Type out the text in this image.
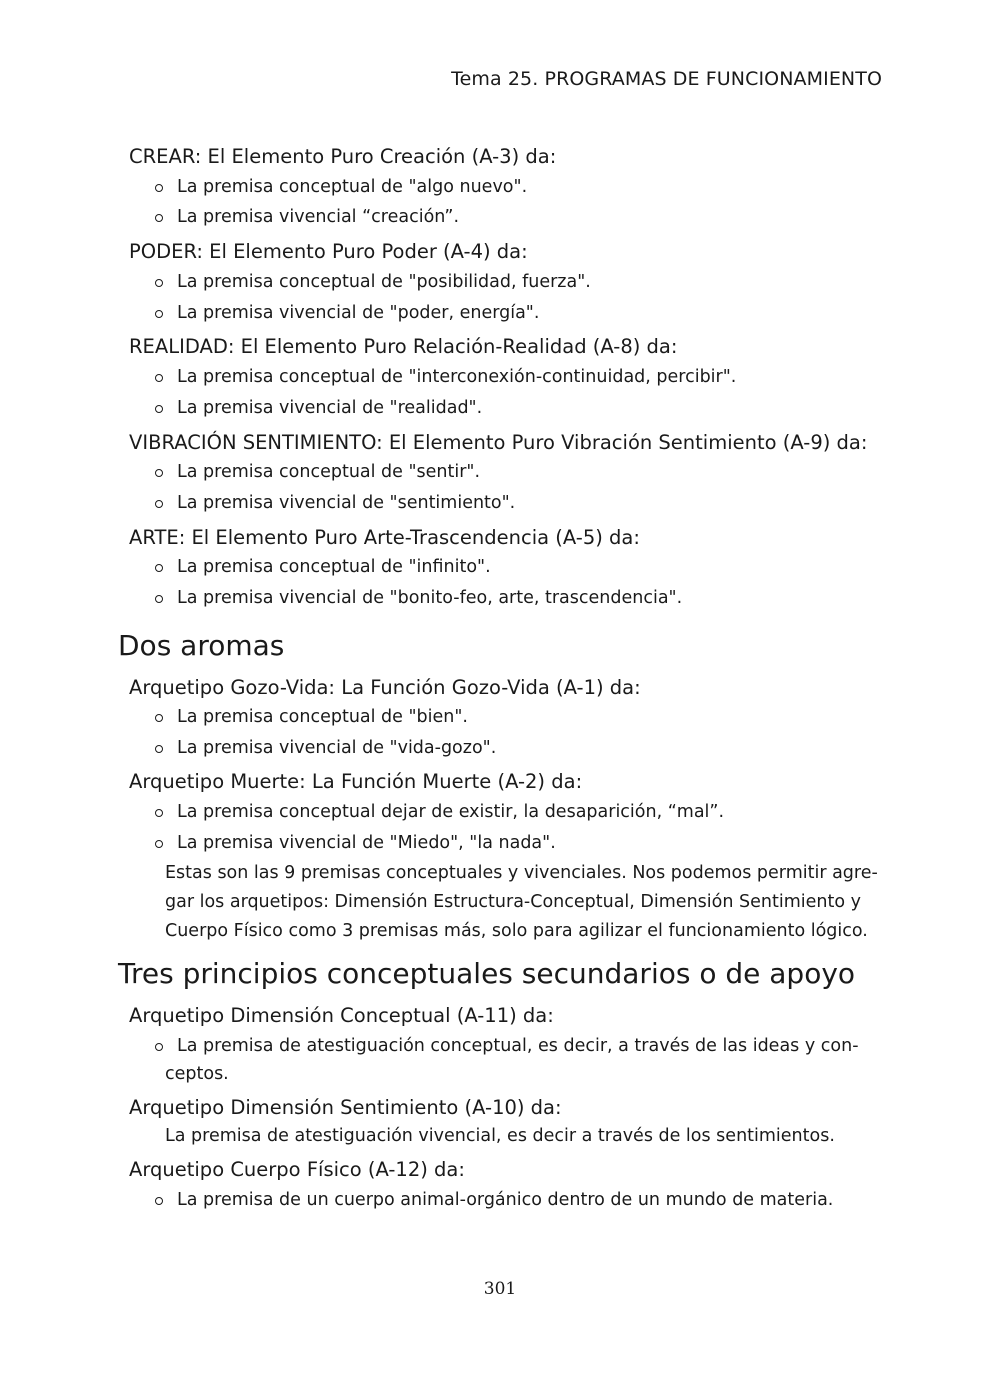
Tema 25. PROGRAMAS DE FUNCIONAMIENTO
CREAR: El Elemento Puro Creación (A-3) da:
La premisa conceptual de "algo nuevo".
La premisa vivencial “creación”.
PODER: El Elemento Puro Poder (A-4) da:
La premisa conceptual de "posibilidad, fuerza".
La premisa vivencial de "poder, energía".
REALIDAD: El Elemento Puro Relación-Realidad (A-8) da:
La premisa conceptual de "interconexión-continuidad, percibir".
La premisa vivencial de "realidad".
VIBRACIÓN SENTIMIENTO: El Elemento Puro Vibración Sentimiento (A-9) da:
La premisa conceptual de "sentir".
La premisa vivencial de "sentimiento".
ARTE: El Elemento Puro Arte-Trascendencia (A-5) da:
La premisa conceptual de "infinito".
La premisa vivencial de "bonito-feo, arte, trascendencia".
Dos aromas
Arquetipo Gozo-Vida: La Función Gozo-Vida (A-1) da:
La premisa conceptual de "bien".
La premisa vivencial de "vida-gozo".
Arquetipo Muerte: La Función Muerte (A-2) da:
La premisa conceptual dejar de existir, la desaparición, “mal”.
La premisa vivencial de "Miedo", "la nada".
Estas son las 9 premisas conceptuales y vivenciales. Nos podemos permitir agre-
gar los arquetipos: Dimensión Estructura-Conceptual, Dimensión Sentimiento y
Cuerpo Físico como 3 premisas más, solo para agilizar el funcionamiento lógico.
Tres principios conceptuales secundarios o de apoyo
Arquetipo Dimensión Conceptual (A-11) da:
La premisa de atestiguación conceptual, es decir, a través de las ideas y con-
ceptos.
Arquetipo Dimensión Sentimiento (A-10) da:
La premisa de atestiguación vivencial, es decir a través de los sentimientos.
Arquetipo Cuerpo Físico (A-12) da:
La premisa de un cuerpo animal-orgánico dentro de un mundo de materia.
301
